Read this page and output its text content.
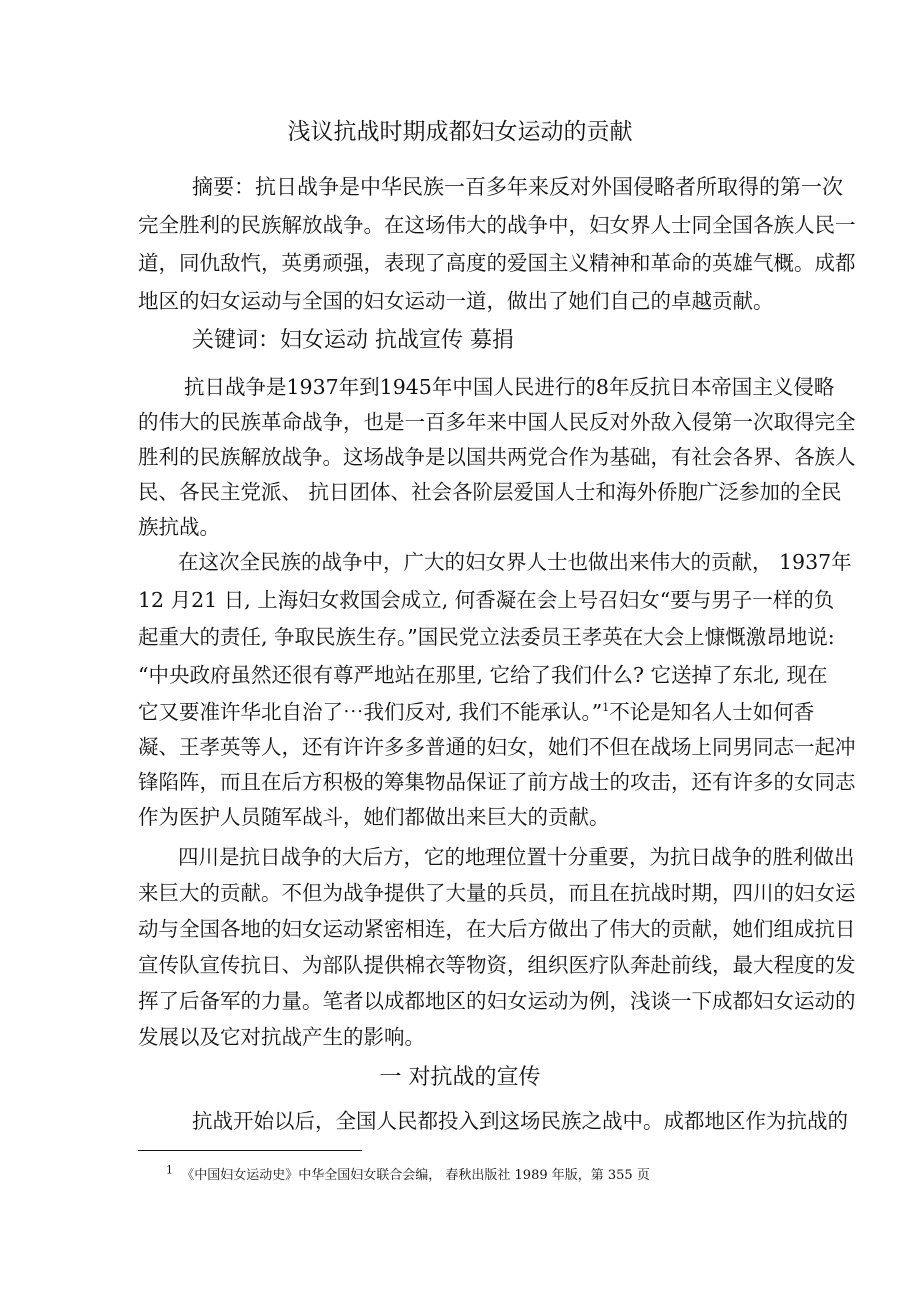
浅议抗战时期成都妇女运动的贡献
摘要：抗日战争是中华民族一百多年来反对外国侵略者所取得的第一次
完全胜利的民族解放战争。在这场伟大的战争中，妇女界人士同全国各族人民一
道，同仇敌忾，英勇顽强，表现了高度的爱国主义精神和革命的英雄气概。成都
地区的妇女运动与全国的妇女运动一道，做出了她们自己的卓越贡献。
关键词：妇女运动 抗战宣传 募捐
抗日战争是1937年到1945年中国人民进行的8年反抗日本帝国主义侵略
的伟大的民族革命战争，也是一百多年来中国人民反对外敌入侵第一次取得完全
胜利的民族解放战争。这场战争是以国共两党合作为基础，有社会各界、各族人
民、各民主党派、 抗日团体、社会各阶层爱国人士和海外侨胞广泛参加的全民
族抗战。
在这次全民族的战争中，广大的妇女界人士也做出来伟大的贡献， 1937年
12 月21 日, 上海妇女救国会成立, 何香凝在会上号召妇女“要与男子一样的负
起重大的责任, 争取民族生存。”国民党立法委员王孝英在大会上慷慨激昂地说:
“中央政府虽然还很有尊严地站在那里, 它给了我们什么? 它送掉了东北, 现在
它又要准许华北自治了⋯我们反对, 我们不能承认。”$^1$不论是知名人士如何香
凝、王孝英等人，还有许许多多普通的妇女，她们不但在战场上同男同志一起冲
锋陷阵，而且在后方积极的筹集物品保证了前方战士的攻击，还有许多的女同志
作为医护人员随军战斗，她们都做出来巨大的贡献。
四川是抗日战争的大后方，它的地理位置十分重要，为抗日战争的胜利做出
来巨大的贡献。不但为战争提供了大量的兵员，而且在抗战时期，四川的妇女运
动与全国各地的妇女运动紧密相连，在大后方做出了伟大的贡献，她们组成抗日
宣传队宣传抗日、为部队提供棉衣等物资，组织医疗队奔赴前线，最大程度的发
挥了后备军的力量。笔者以成都地区的妇女运动为例，浅谈一下成都妇女运动的
发展以及它对抗战产生的影响。
一 对抗战的宣传
抗战开始以后，全国人民都投入到这场民族之战中。成都地区作为抗战的
$^1$ 《中国妇女运动史》中华全国妇女联合会编， 春秋出版社 1989 年版，第 355 页
